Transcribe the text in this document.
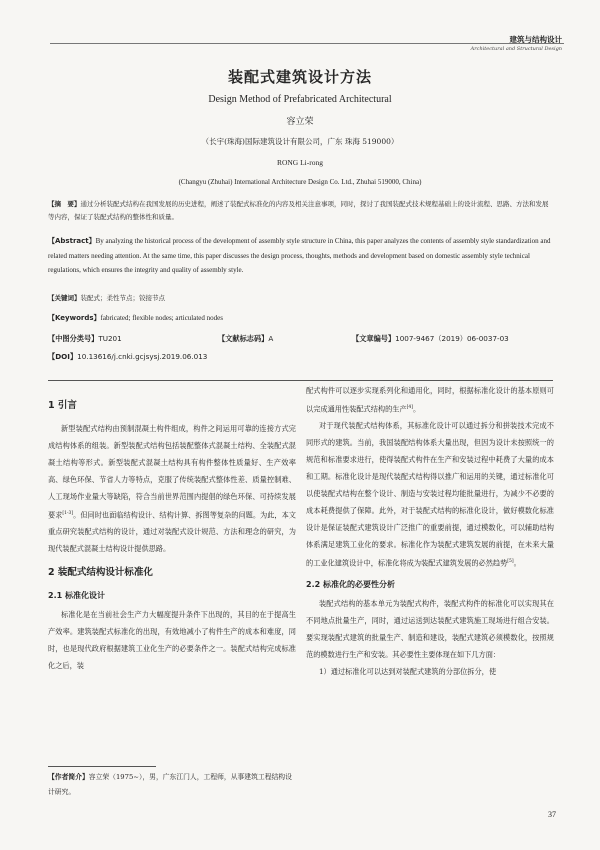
建筑与结构设计
Architectural and Structural Design
装配式建筑设计方法
Design Method of Prefabricated Architectural
容立荣
（长宇(珠海)国际建筑设计有限公司，广东 珠海 519000）
RONG Li-rong
(Changyu (Zhuhai) International Architecture Design Co. Ltd., Zhuhai 519000, China)
【摘　要】通过分析装配式结构在我国发展的历史进程，阐述了装配式标准化的内容及相关注意事项，同时，探讨了我国装配式技术规程基础上的设计流程、思路、方法和发展等内容，保证了装配式结构的整体性和质量。
【Abstract】By analyzing the historical process of the development of assembly style structure in China, this paper analyzes the contents of assembly style standardization and related matters needing attention. At the same time, this paper discusses the design process, thoughts, methods and development based on domestic assembly style technical regulations, which ensures the integrity and quality of assembly style.
【关键词】装配式；柔性节点；铰接节点
【Keywords】fabricated; flexible nodes; articulated nodes
【中图分类号】TU201	【文献标志码】A	【文章编号】1007-9467（2019）06-0037-03
【DOI】10.13616/j.cnki.gcjsysj.2019.06.013
1 引言

新型装配式结构由预制混凝土构件组成，构件之间运用可靠的连接方式完成结构体系的组装。新型装配式结构包括装配整体式混凝土结构、全装配式混凝土结构等形式。新型装配式混凝土结构具有构件整体性质量好、生产效率高、绿色环保、节省人力等特点，克服了传统装配式整体性差、质量控制难、人工现场作业量大等缺陷，符合当前世界范围内提倡的绿色环保、可持续发展要求[1-3]。但同时也面临结构设计、结构计算、拆图等复杂的问题。为此，本文重点研究装配式结构的设计，通过对装配式设计规范、方法和理念的研究，为现代装配式混凝土结构设计提供思路。

2 装配式结构设计标准化
2.1 标准化设计

标准化是在当前社会生产力大幅度提升条件下出现的，其目的在于提高生产效率。建筑装配式标准化的出现，有效地减小了构件生产的成本和难度，同时，也是现代政府根据建筑工业化生产的必要条件之一。装配式结构完成标准化之后，装

配式构件可以逐步实现系列化和通用化，同时，根据标准化设计的基本原则可以完成通用性装配式结构的生产[4]。

对于现代装配式结构体系，其标准化设计可以通过拆分和拼装技术完成不同形式的建筑。当前，我国装配结构体系大量出现，但因为设计未按照统一的规范和标准要求进行，使得装配式构件在生产和安装过程中耗费了大量的成本和工期。标准化设计是现代装配式结构得以推广和运用的关键，通过标准化可以使装配式结构在整个设计、制造与安装过程均能批量进行，为减少不必要的成本耗费提供了保障。此外，对于装配式结构的标准化设计，做好模数化标准设计是保证装配式建筑设计广泛推广的重要前提，通过模数化，可以辅助结构体系满足建筑工业化的要求。标准化作为装配式建筑发展的前提，在未来大量的工业化建筑设计中，标准化将成为装配式建筑发展的必然趋势[5]。

2.2 标准化的必要性分析

装配式结构的基本单元为装配式构件，装配式构件的标准化可以实现其在不同地点批量生产，同时，通过运送到达装配式建筑施工现场进行组合安装。要实现装配式建筑的批量生产、制造和建设，装配式建筑必须模数化，按照规范的模数进行生产和安装。其必要性主要体现在如下几方面：

1）通过标准化可以达到对装配式建筑的分部位拆分，使

【作者简介】容立荣（1975~），男，广东江门人，工程师，从事建筑工程结构设计研究。
37
